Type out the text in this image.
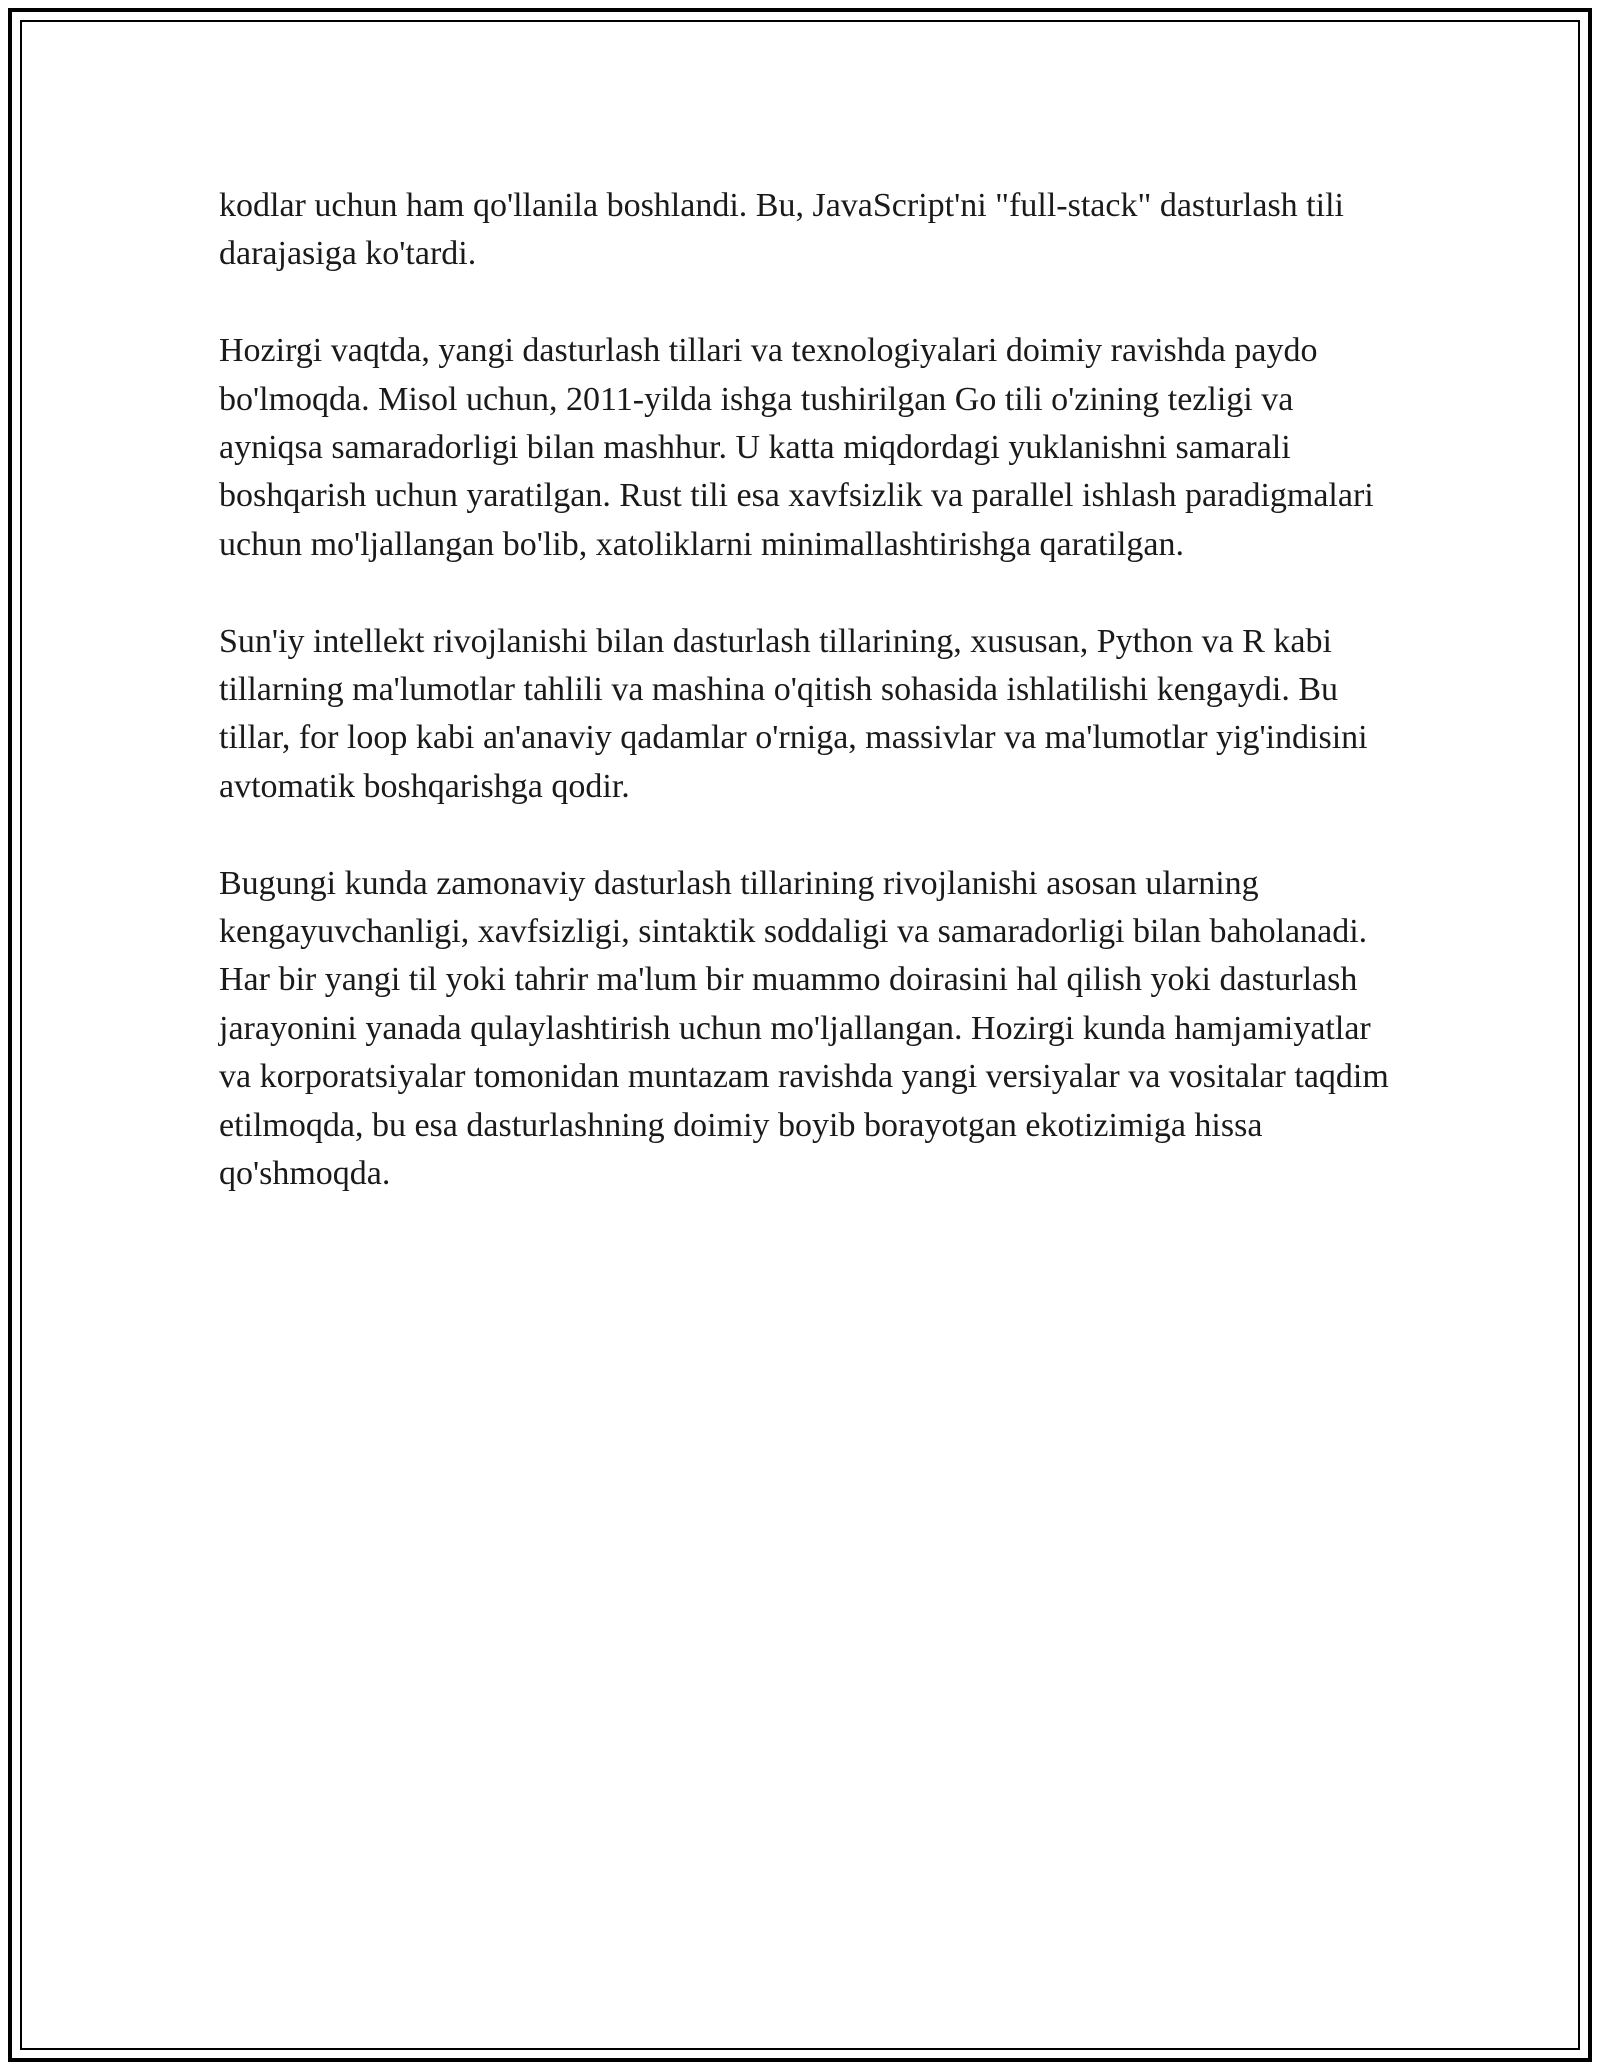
kodlar uchun ham qo'llanila boshlandi. Bu, JavaScript'ni "full-stack" dasturlash tili darajasiga ko'tardi.

Hozirgi vaqtda, yangi dasturlash tillari va texnologiyalari doimiy ravishda paydo bo'lmoqda. Misol uchun, 2011-yilda ishga tushirilgan Go tili o'zining tezligi va ayniqsa samaradorligi bilan mashhur. U katta miqdordagi yuklanishni samarali boshqarish uchun yaratilgan. Rust tili esa xavfsizlik va parallel ishlash paradigmalari uchun mo'ljallangan bo'lib, xatoliklarni minimallashtirishga qaratilgan.

Sun'iy intellekt rivojlanishi bilan dasturlash tillarining, xususan, Python va R kabi tillarning ma'lumotlar tahlili va mashina o'qitish sohasida ishlatilishi kengaydi. Bu tillar, for loop kabi an'anaviy qadamlar o'rniga, massivlar va ma'lumotlar yig'indisini avtomatik boshqarishga qodir.

Bugungi kunda zamonaviy dasturlash tillarining rivojlanishi asosan ularning kengayuvchanligi, xavfsizligi, sintaktik soddaligi va samaradorligi bilan baholanadi. Har bir yangi til yoki tahrir ma'lum bir muammo doirasini hal qilish yoki dasturlash jarayonini yanada qulaylashtirish uchun mo'ljallangan. Hozirgi kunda hamjamiyatlar va korporatsiyalar tomonidan muntazam ravishda yangi versiyalar va vositalar taqdim etilmoqda, bu esa dasturlashning doimiy boyib borayotgan ekotizimiga hissa qo'shmoqda.
